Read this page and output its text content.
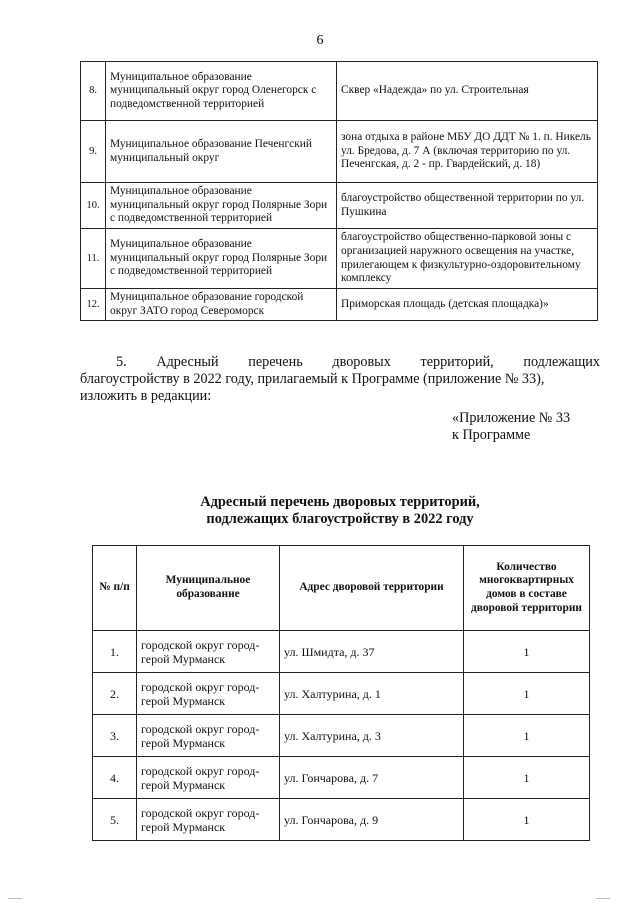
6
8.	Муниципальное образование муниципальный округ город Оленегорск с подведомственной территорией	Сквер «Надежда» по ул. Строительная
9.	Муниципальное образование Печенгский муниципальный округ	зона отдыха в районе МБУ ДО ДДТ № 1. п. Никель ул. Бредова, д. 7 А (включая территорию по ул. Печенгская, д. 2 - пр. Гвардейский, д. 18)
10.	Муниципальное образование муниципальный округ город Полярные Зори с подведомственной территорией	благоустройство общественной территории по ул. Пушкина
11.	Муниципальное образование муниципальный округ город Полярные Зори с подведомственной территорией	благоустройство общественно-парковой зоны с организацией наружного освещения на участке, прилегающем к физкультурно-оздоровительному комплексу
12.	Муниципальное образование городской округ ЗАТО город Североморск	Приморская площадь (детская площадка)»
5. Адресный перечень дворовых территорий, подлежащих
благоустройству в 2022 году, прилагаемый к Программе (приложение № 33),
изложить в редакции:
«Приложение № 33
к Программе
Адресный перечень дворовых территорий,
подлежащих благоустройству в 2022 году
№ п/п	Муниципальное образование	Адрес дворовой территории	Количество многоквартирных домов в составе дворовой территории
1.	городской округ город-герой Мурманск	ул. Шмидта, д. 37	1
2.	городской округ город-герой Мурманск	ул. Халтурина, д. 1	1
3.	городской округ город-герой Мурманск	ул. Халтурина, д. 3	1
4.	городской округ город-герой Мурманск	ул. Гончарова, д. 7	1
5.	городской округ город-герой Мурманск	ул. Гончарова, д. 9	1
